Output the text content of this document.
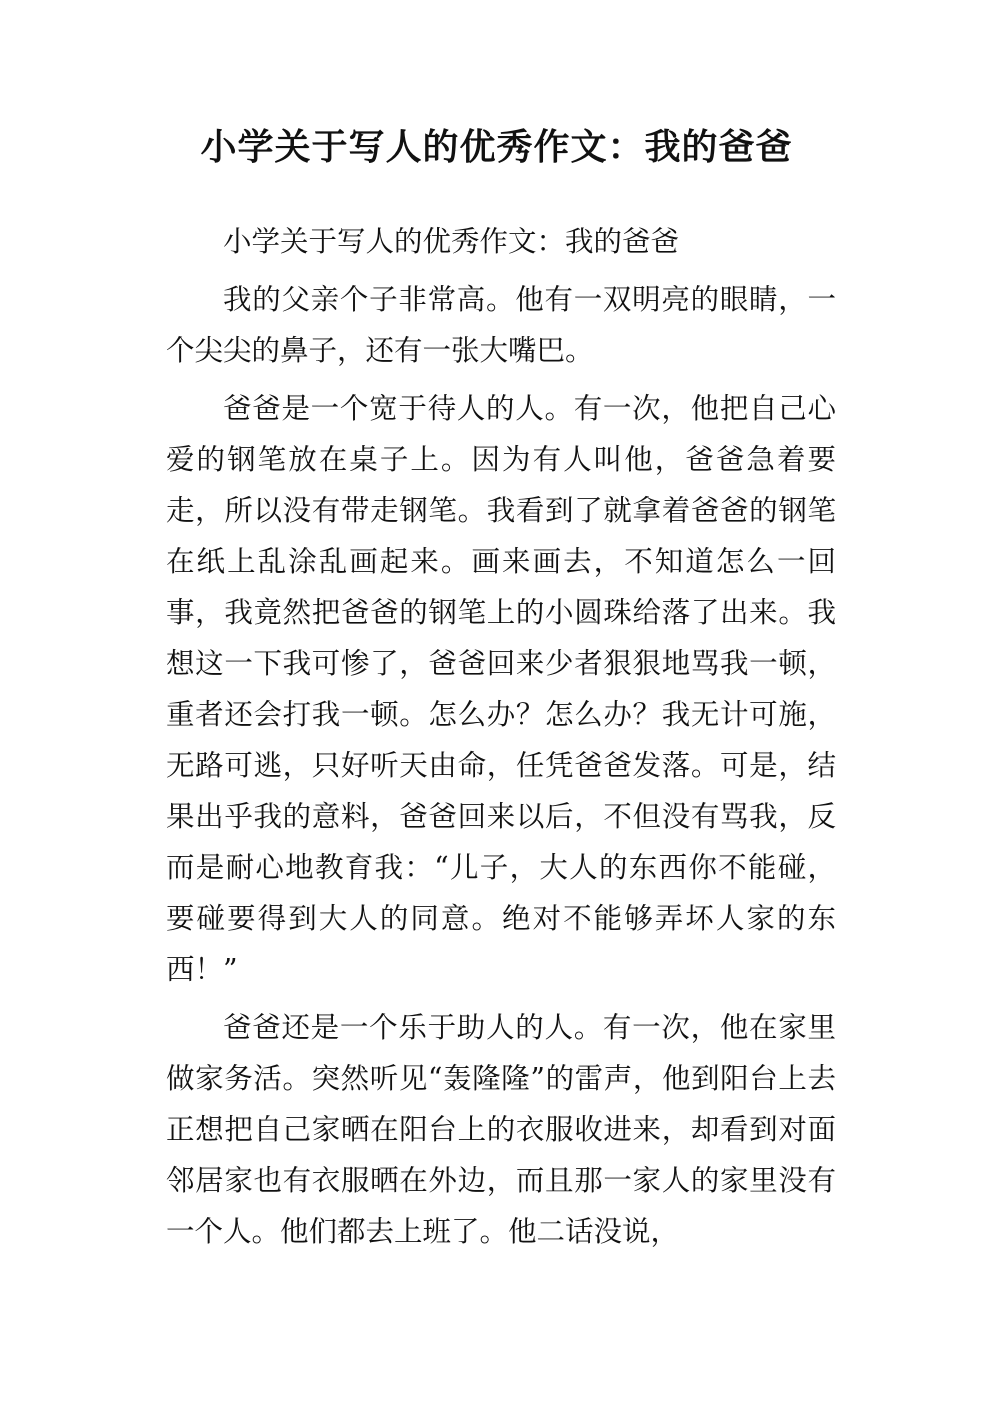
小学关于写人的优秀作文：我的爸爸

小学关于写人的优秀作文：我的爸爸

我的父亲个子非常高。他有一双明亮的眼睛，一个尖尖的鼻子，还有一张大嘴巴。

爸爸是一个宽于待人的人。有一次，他把自己心爱的钢笔放在桌子上。因为有人叫他，爸爸急着要走，所以没有带走钢笔。我看到了就拿着爸爸的钢笔在纸上乱涂乱画起来。画来画去，不知道怎么一回事，我竟然把爸爸的钢笔上的小圆珠给落了出来。我想这一下我可惨了，爸爸回来少者狠狠地骂我一顿，重者还会打我一顿。怎么办？怎么办？我无计可施，无路可逃，只好听天由命，任凭爸爸发落。可是，结果出乎我的意料，爸爸回来以后，不但没有骂我，反而是耐心地教育我：“儿子，大人的东西你不能碰，要碰要得到大人的同意。绝对不能够弄坏人家的东西！”

爸爸还是一个乐于助人的人。有一次，他在家里做家务活。突然听见“轰隆隆”的雷声，他到阳台上去正想把自己家晒在阳台上的衣服收进来，却看到对面邻居家也有衣服晒在外边，而且那一家人的家里没有一个人。他们都去上班了。他二话没说，
